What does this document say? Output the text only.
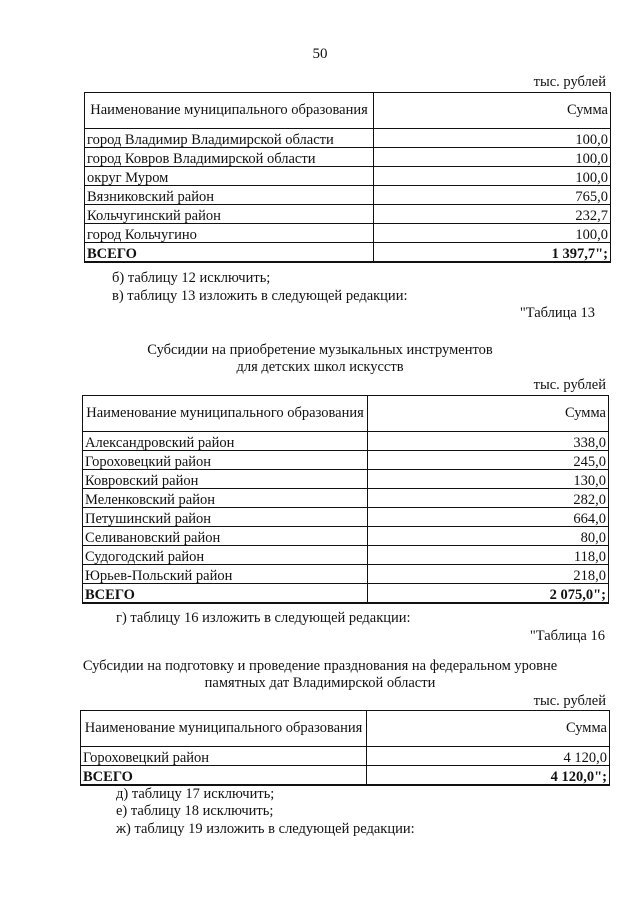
50
тыс. рублей
Наименование муниципального образования	Сумма
город Владимир Владимирской области	100,0
город Ковров Владимирской области	100,0
округ Муром	100,0
Вязниковский район	765,0
Кольчугинский район	232,7
город Кольчугино	100,0
ВСЕГО	1 397,7";
б) таблицу 12 исключить;
в) таблицу 13 изложить в следующей редакции:
"Таблица 13
Субсидии на приобретение музыкальных инструментов
для детских школ искусств
тыс. рублей
Наименование муниципального образования	Сумма
Александровский район	338,0
Гороховецкий район	245,0
Ковровский район	130,0
Меленковский район	282,0
Петушинский район	664,0
Селивановский район	80,0
Судогодский район	118,0
Юрьев-Польский район	218,0
ВСЕГО	2 075,0";
г) таблицу 16 изложить в следующей редакции:
"Таблица 16
Субсидии на подготовку и проведение празднования на федеральном уровне
памятных дат Владимирской области
тыс. рублей
Наименование муниципального образования	Сумма
Гороховецкий район	4 120,0
ВСЕГО	4 120,0";
д) таблицу 17 исключить;
е) таблицу 18 исключить;
ж) таблицу 19 изложить в следующей редакции:
